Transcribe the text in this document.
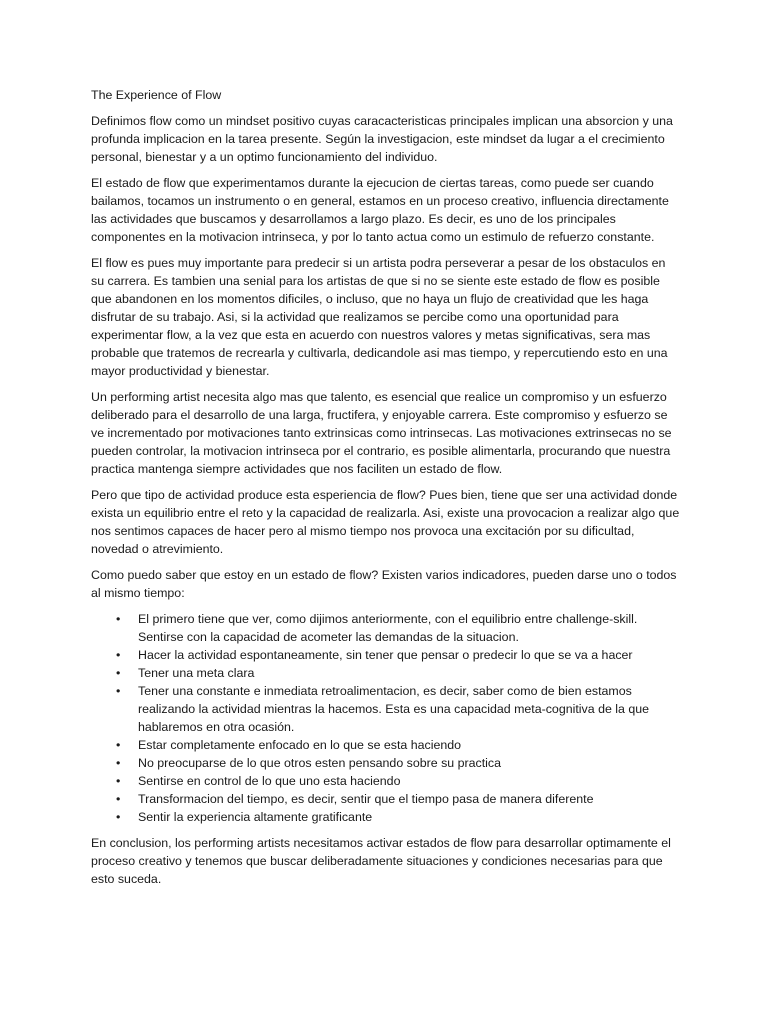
The Experience of Flow

Definimos flow como un mindset positivo cuyas caracacteristicas principales implican una absorcion y una profunda implicacion en la tarea presente. Según la investigacion, este mindset da lugar a el crecimiento personal, bienestar y a un optimo funcionamiento del individuo.

El estado de flow que experimentamos durante la ejecucion de ciertas tareas, como puede ser cuando bailamos, tocamos un instrumento o en general, estamos en un proceso creativo, influencia directamente las actividades que buscamos y desarrollamos a largo plazo. Es decir, es uno de los principales componentes en la motivacion intrinseca, y por lo tanto actua como un estimulo de refuerzo constante.

El flow es pues muy importante para predecir si un artista podra perseverar a pesar de los obstaculos en su carrera. Es tambien una senial para los artistas de que si no se siente este estado de flow es posible que abandonen en los momentos dificiles, o incluso, que no haya un flujo de creatividad que les haga disfrutar de su trabajo. Asi, si la actividad que realizamos se percibe como una oportunidad para experimentar flow, a la vez que esta en acuerdo con nuestros valores y metas significativas, sera mas probable que tratemos de recrearla y cultivarla, dedicandole asi mas tiempo, y repercutiendo esto en una mayor productividad y bienestar.

Un performing artist necesita algo mas que talento, es esencial que realice un compromiso y un esfuerzo deliberado para el desarrollo de una larga, fructifera, y enjoyable carrera. Este compromiso y esfuerzo se ve incrementado por motivaciones tanto extrinsicas como intrinsecas. Las motivaciones extrinsecas no se pueden controlar, la motivacion intrinseca por el contrario, es posible alimentarla, procurando que nuestra practica mantenga siempre actividades que nos faciliten un estado de flow.

Pero que tipo de actividad produce esta esperiencia de flow? Pues bien, tiene que ser una actividad donde exista un equilibrio entre el reto y la capacidad de realizarla. Asi, existe una provocacion a realizar algo que nos sentimos capaces de hacer pero al mismo tiempo nos provoca una excitación por su dificultad, novedad o atrevimiento.

Como puedo saber que estoy en un estado de flow? Existen varios indicadores, pueden darse uno o todos al mismo tiempo:

• El primero tiene que ver, como dijimos anteriormente, con el equilibrio entre challenge-skill. Sentirse con la capacidad de acometer las demandas de la situacion.
• Hacer la actividad espontaneamente, sin tener que pensar o predecir lo que se va a hacer
• Tener una meta clara
• Tener una constante e inmediata retroalimentacion, es decir, saber como de bien estamos realizando la actividad mientras la hacemos. Esta es una capacidad meta-cognitiva de la que hablaremos en otra ocasión.
• Estar completamente enfocado en lo que se esta haciendo
• No preocuparse de lo que otros esten pensando sobre su practica
• Sentirse en control de lo que uno esta haciendo
• Transformacion del tiempo, es decir, sentir que el tiempo pasa de manera diferente
• Sentir la experiencia altamente gratificante

En conclusion, los performing artists necesitamos activar estados de flow para desarrollar optimamente el proceso creativo y tenemos que buscar deliberadamente situaciones y condiciones necesarias para que esto suceda.
